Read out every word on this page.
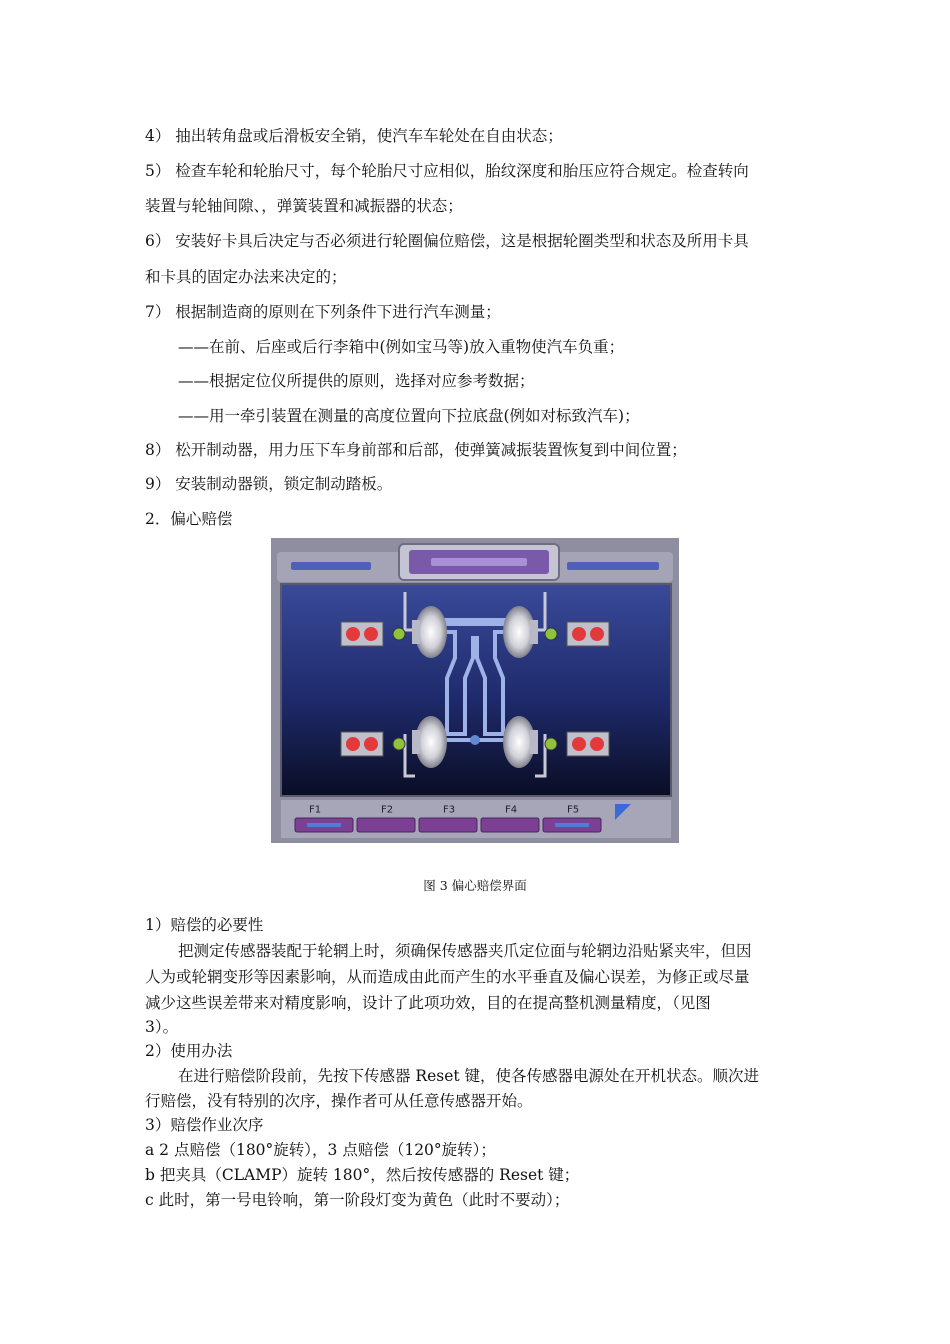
4） 抽出转角盘或后滑板安全销，使汽车车轮处在自由状态；
5） 检查车轮和轮胎尺寸，每个轮胎尺寸应相似，胎纹深度和胎压应符合规定。检查转向
装置与轮轴间隙、，弹簧装置和减振器的状态；
6） 安装好卡具后决定与否必须进行轮圈偏位赔偿，这是根据轮圈类型和状态及所用卡具
和卡具的固定办法来决定的；
7） 根据制造商的原则在下列条件下进行汽车测量；
——在前、后座或后行李箱中(例如宝马等)放入重物使汽车负重；
——根据定位仪所提供的原则，选择对应参考数据；
——用一牵引装置在测量的高度位置向下拉底盘(例如对标致汽车)；
8） 松开制动器，用力压下车身前部和后部，使弹簧减振装置恢复到中间位置；
9） 安装制动器锁，锁定制动踏板。
2．偏心赔偿
F1	F2	F3	F4	F5
图 3 偏心赔偿界面
1）赔偿的必要性
把测定传感器装配于轮辋上时，须确保传感器夹爪定位面与轮辋边沿贴紧夹牢，但因
人为或轮辋变形等因素影响，从而造成由此而产生的水平垂直及偏心误差，为修正或尽量
减少这些误差带来对精度影响，设计了此项功效，目的在提高整机测量精度，（见图
3）。
2）使用办法
在进行赔偿阶段前，先按下传感器 Reset 键，使各传感器电源处在开机状态。顺次进
行赔偿，没有特别的次序，操作者可从任意传感器开始。
3）赔偿作业次序
a 2 点赔偿（180°旋转），3 点赔偿（120°旋转）；
b 把夹具（CLAMP）旋转 180°，然后按传感器的 Reset 键；
c 此时，第一号电铃响，第一阶段灯变为黄色（此时不要动）；
